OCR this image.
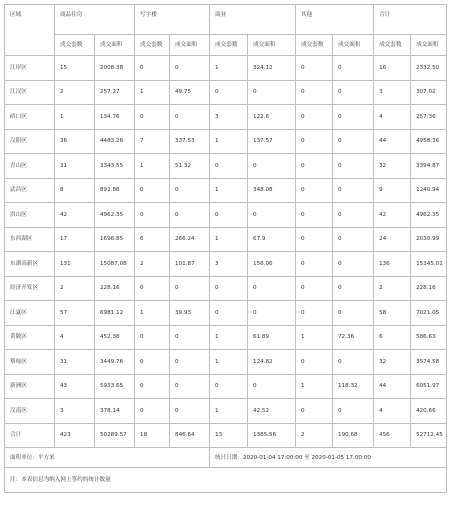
区域	商品住房		写字楼		商业		其他		合计	
	成交套数	成交面积	成交套数	成交面积	成交套数	成交面积	成交套数	成交面积	成交套数	成交面积
江岸区	15	2008.38	0	0	1	324.12	0	0	16	2332.50
江汉区	2	257.27	1	49.75	0	0	0	0	3	307.02
硚口区	1	134.76	0	0	3	122.6	0	0	4	257.36
汉阳区	36	4483.26	7	337.53	1	137.57	0	0	44	4958.36
青山区	31	3343.55	1	51.32	0	0	0	0	32	3394.87
武昌区	8	892.86	0	0	1	348.08	0	0	9	1240.94
洪山区	42	4962.35	0	0	0	0	0	0	42	4962.35
东西湖区	17	1696.85	6	266.24	1	67.9	0	0	24	2030.99
东湖高新区	131	15087.08	2	101.87	3	156.06	0	0	136	15345.01
经济开发区	2	228.16	0	0	0	0	0	0	2	228.16
江夏区	57	6981.12	1	39.93	0	0	0	0	58	7021.05
黄陂区	4	452.38	0	0	1	61.89	1	72.36	6	586.63
蔡甸区	31	3449.76	0	0	1	124.82	0	0	32	3574.58
新洲区	43	5933.65	0	0	0	0	1	118.32	44	6051.97
汉南区	3	378.14	0	0	1	42.52	0	0	4	420.66
合计	423	50289.57	18	846.64	13	1385.56	2	190.68	456	52712.45
面积单位：平方米					统计日期：2020-01-04 17:00:00 至 2020-01-05 17:00:00					
注：本表信息为纳入网上签约的统计数量										
